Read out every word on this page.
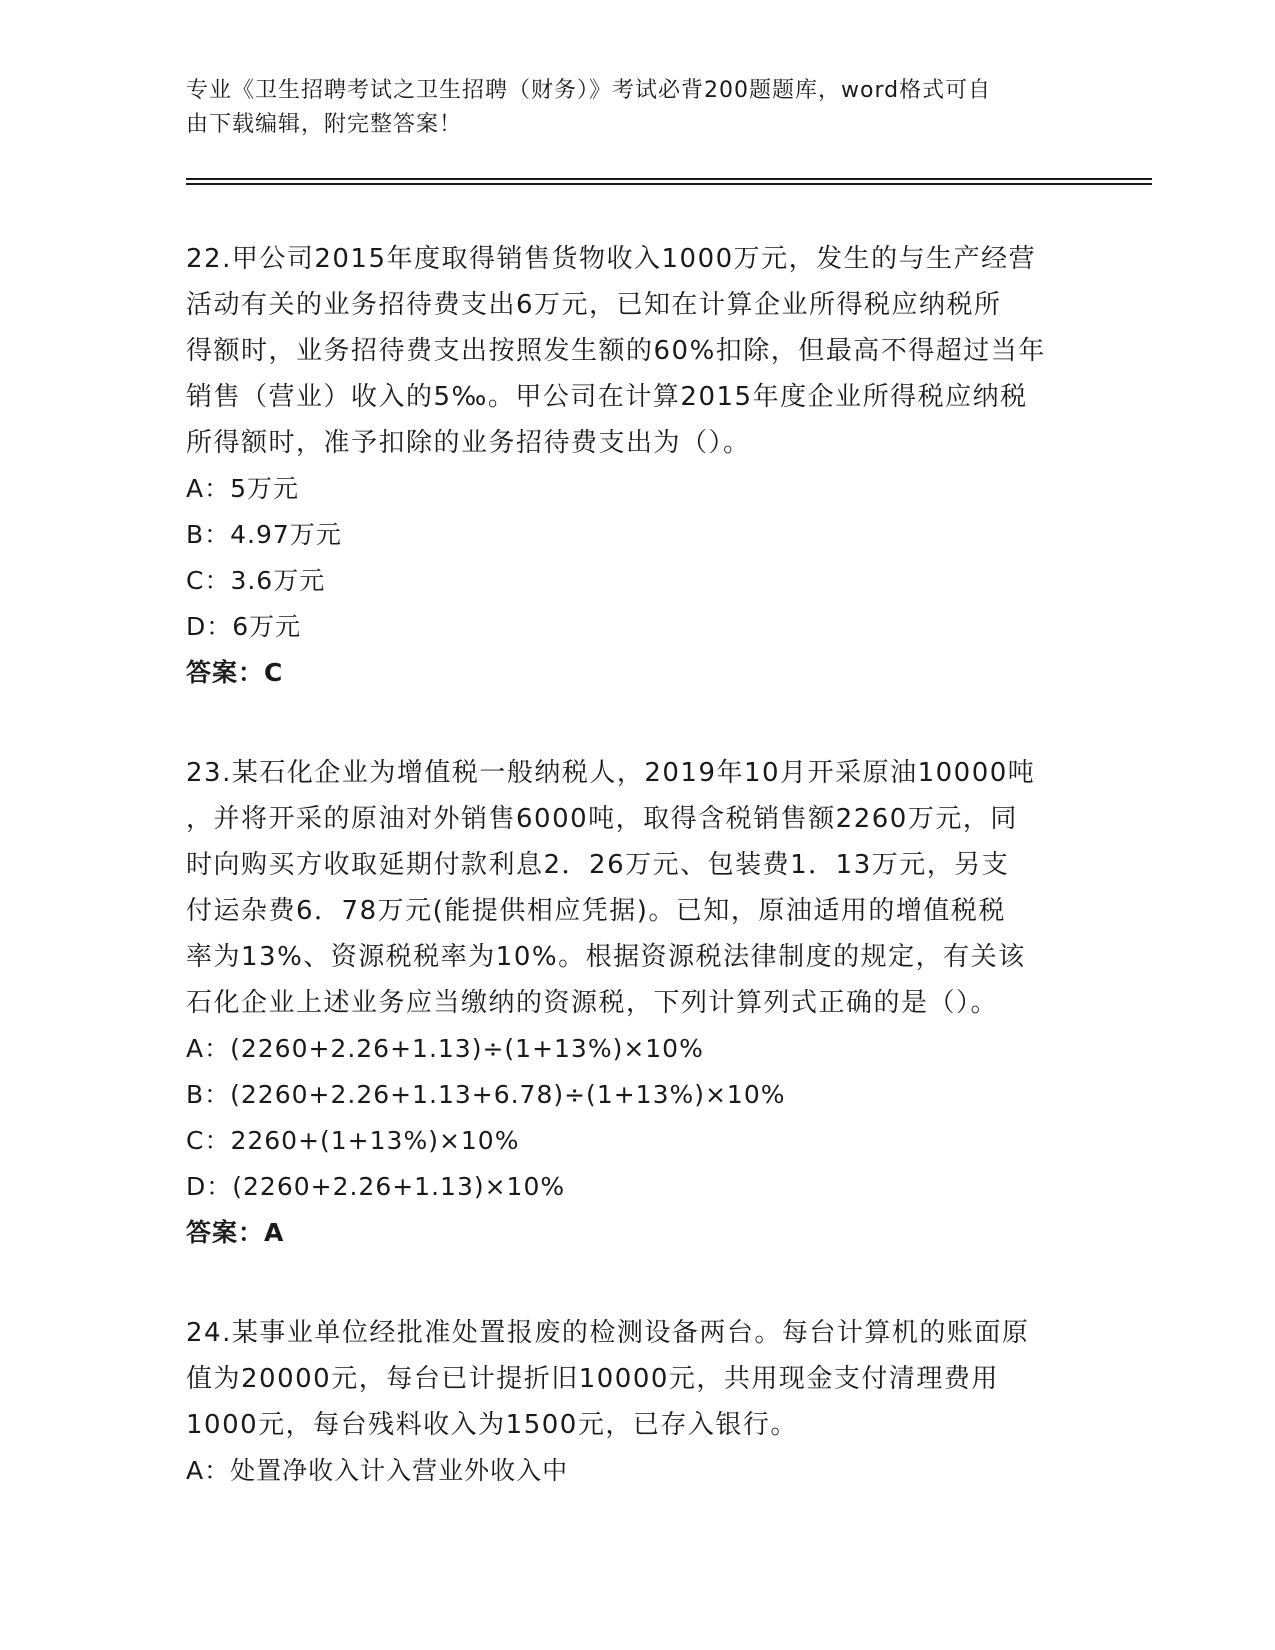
专业《卫生招聘考试之卫生招聘（财务）》考试必背200题题库，word格式可自
由下载编辑，附完整答案！

22.甲公司2015年度取得销售货物收入1000万元，发生的与生产经营
活动有关的业务招待费支出6万元，已知在计算企业所得税应纳税所
得额时，业务招待费支出按照发生额的60%扣除，但最高不得超过当年
销售（营业）收入的5‰。甲公司在计算2015年度企业所得税应纳税
所得额时，准予扣除的业务招待费支出为（）。

A：5万元

B：4.97万元

C：3.6万元

D：6万元

答案：C

23.某石化企业为增值税一般纳税人，2019年10月开采原油10000吨
，并将开采的原油对外销售6000吨，取得含税销售额2260万元，同
时向购买方收取延期付款利息2．26万元、包装费1．13万元，另支
付运杂费6．78万元(能提供相应凭据)。已知，原油适用的增值税税
率为13%、资源税税率为10%。根据资源税法律制度的规定，有关该
石化企业上述业务应当缴纳的资源税，下列计算列式正确的是（）。

A：(2260+2.26+1.13)÷(1+13%)×10%

B：(2260+2.26+1.13+6.78)÷(1+13%)×10%

C：2260+(1+13%)×10%

D：(2260+2.26+1.13)×10%

答案：A

24.某事业单位经批准处置报废的检测设备两台。每台计算机的账面原
值为20000元，每台已计提折旧10000元，共用现金支付清理费用
1000元，每台残料收入为1500元，已存入银行。

A：处置净收入计入营业外收入中
